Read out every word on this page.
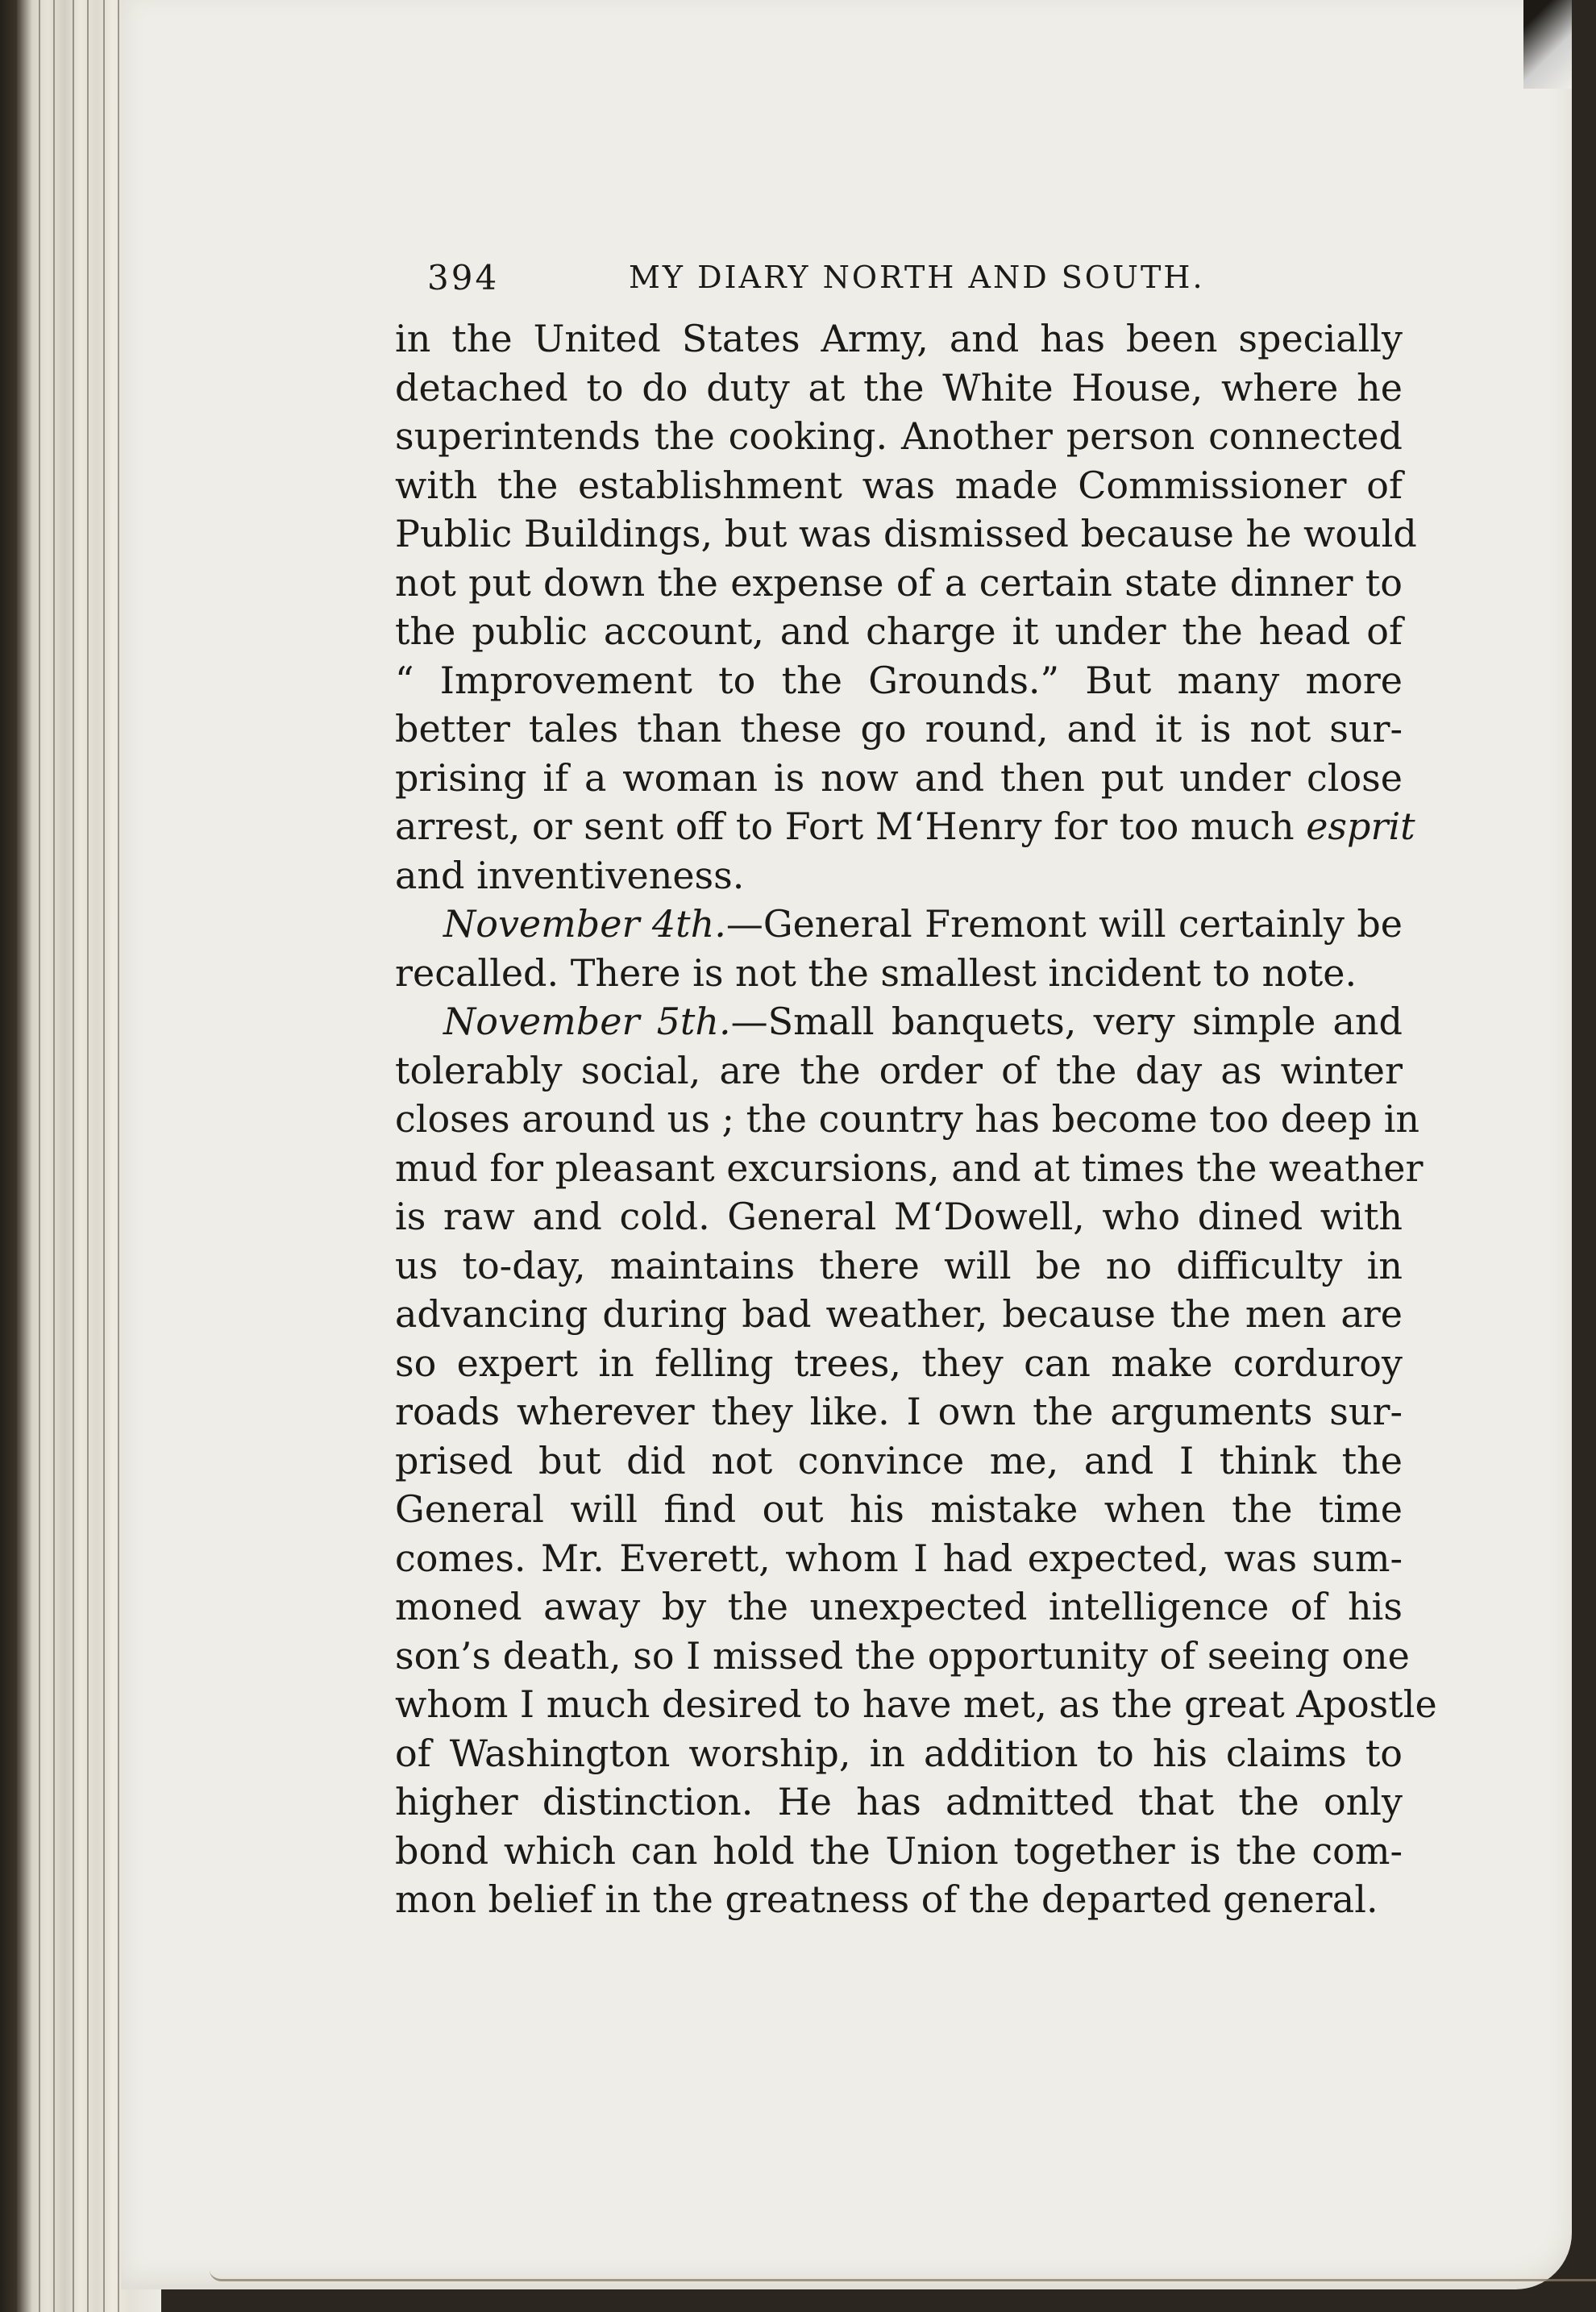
394	MY DIARY NORTH AND SOUTH.
in the United States Army, and has been specially
detached to do duty at the White House, where he
superintends the cooking. Another person connected
with the establishment was made Commissioner of
Public Buildings, but was dismissed because he would
not put down the expense of a certain state dinner to
the public account, and charge it under the head of
“ Improvement to the Grounds.” But many more
better tales than these go round, and it is not sur-
prising if a woman is now and then put under close
arrest, or sent off to Fort M‘Henry for too much esprit
and inventiveness.
November 4th.—General Fremont will certainly be
recalled. There is not the smallest incident to note.
November 5th.—Small banquets, very simple and
tolerably social, are the order of the day as winter
closes around us ; the country has become too deep in
mud for pleasant excursions, and at times the weather
is raw and cold. General M‘Dowell, who dined with
us to-day, maintains there will be no difficulty in
advancing during bad weather, because the men are
so expert in felling trees, they can make corduroy
roads wherever they like. I own the arguments sur-
prised but did not convince me, and I think the
General will find out his mistake when the time
comes. Mr. Everett, whom I had expected, was sum-
moned away by the unexpected intelligence of his
son’s death, so I missed the opportunity of seeing one
whom I much desired to have met, as the great Apostle
of Washington worship, in addition to his claims to
higher distinction. He has admitted that the only
bond which can hold the Union together is the com-
mon belief in the greatness of the departed general.
